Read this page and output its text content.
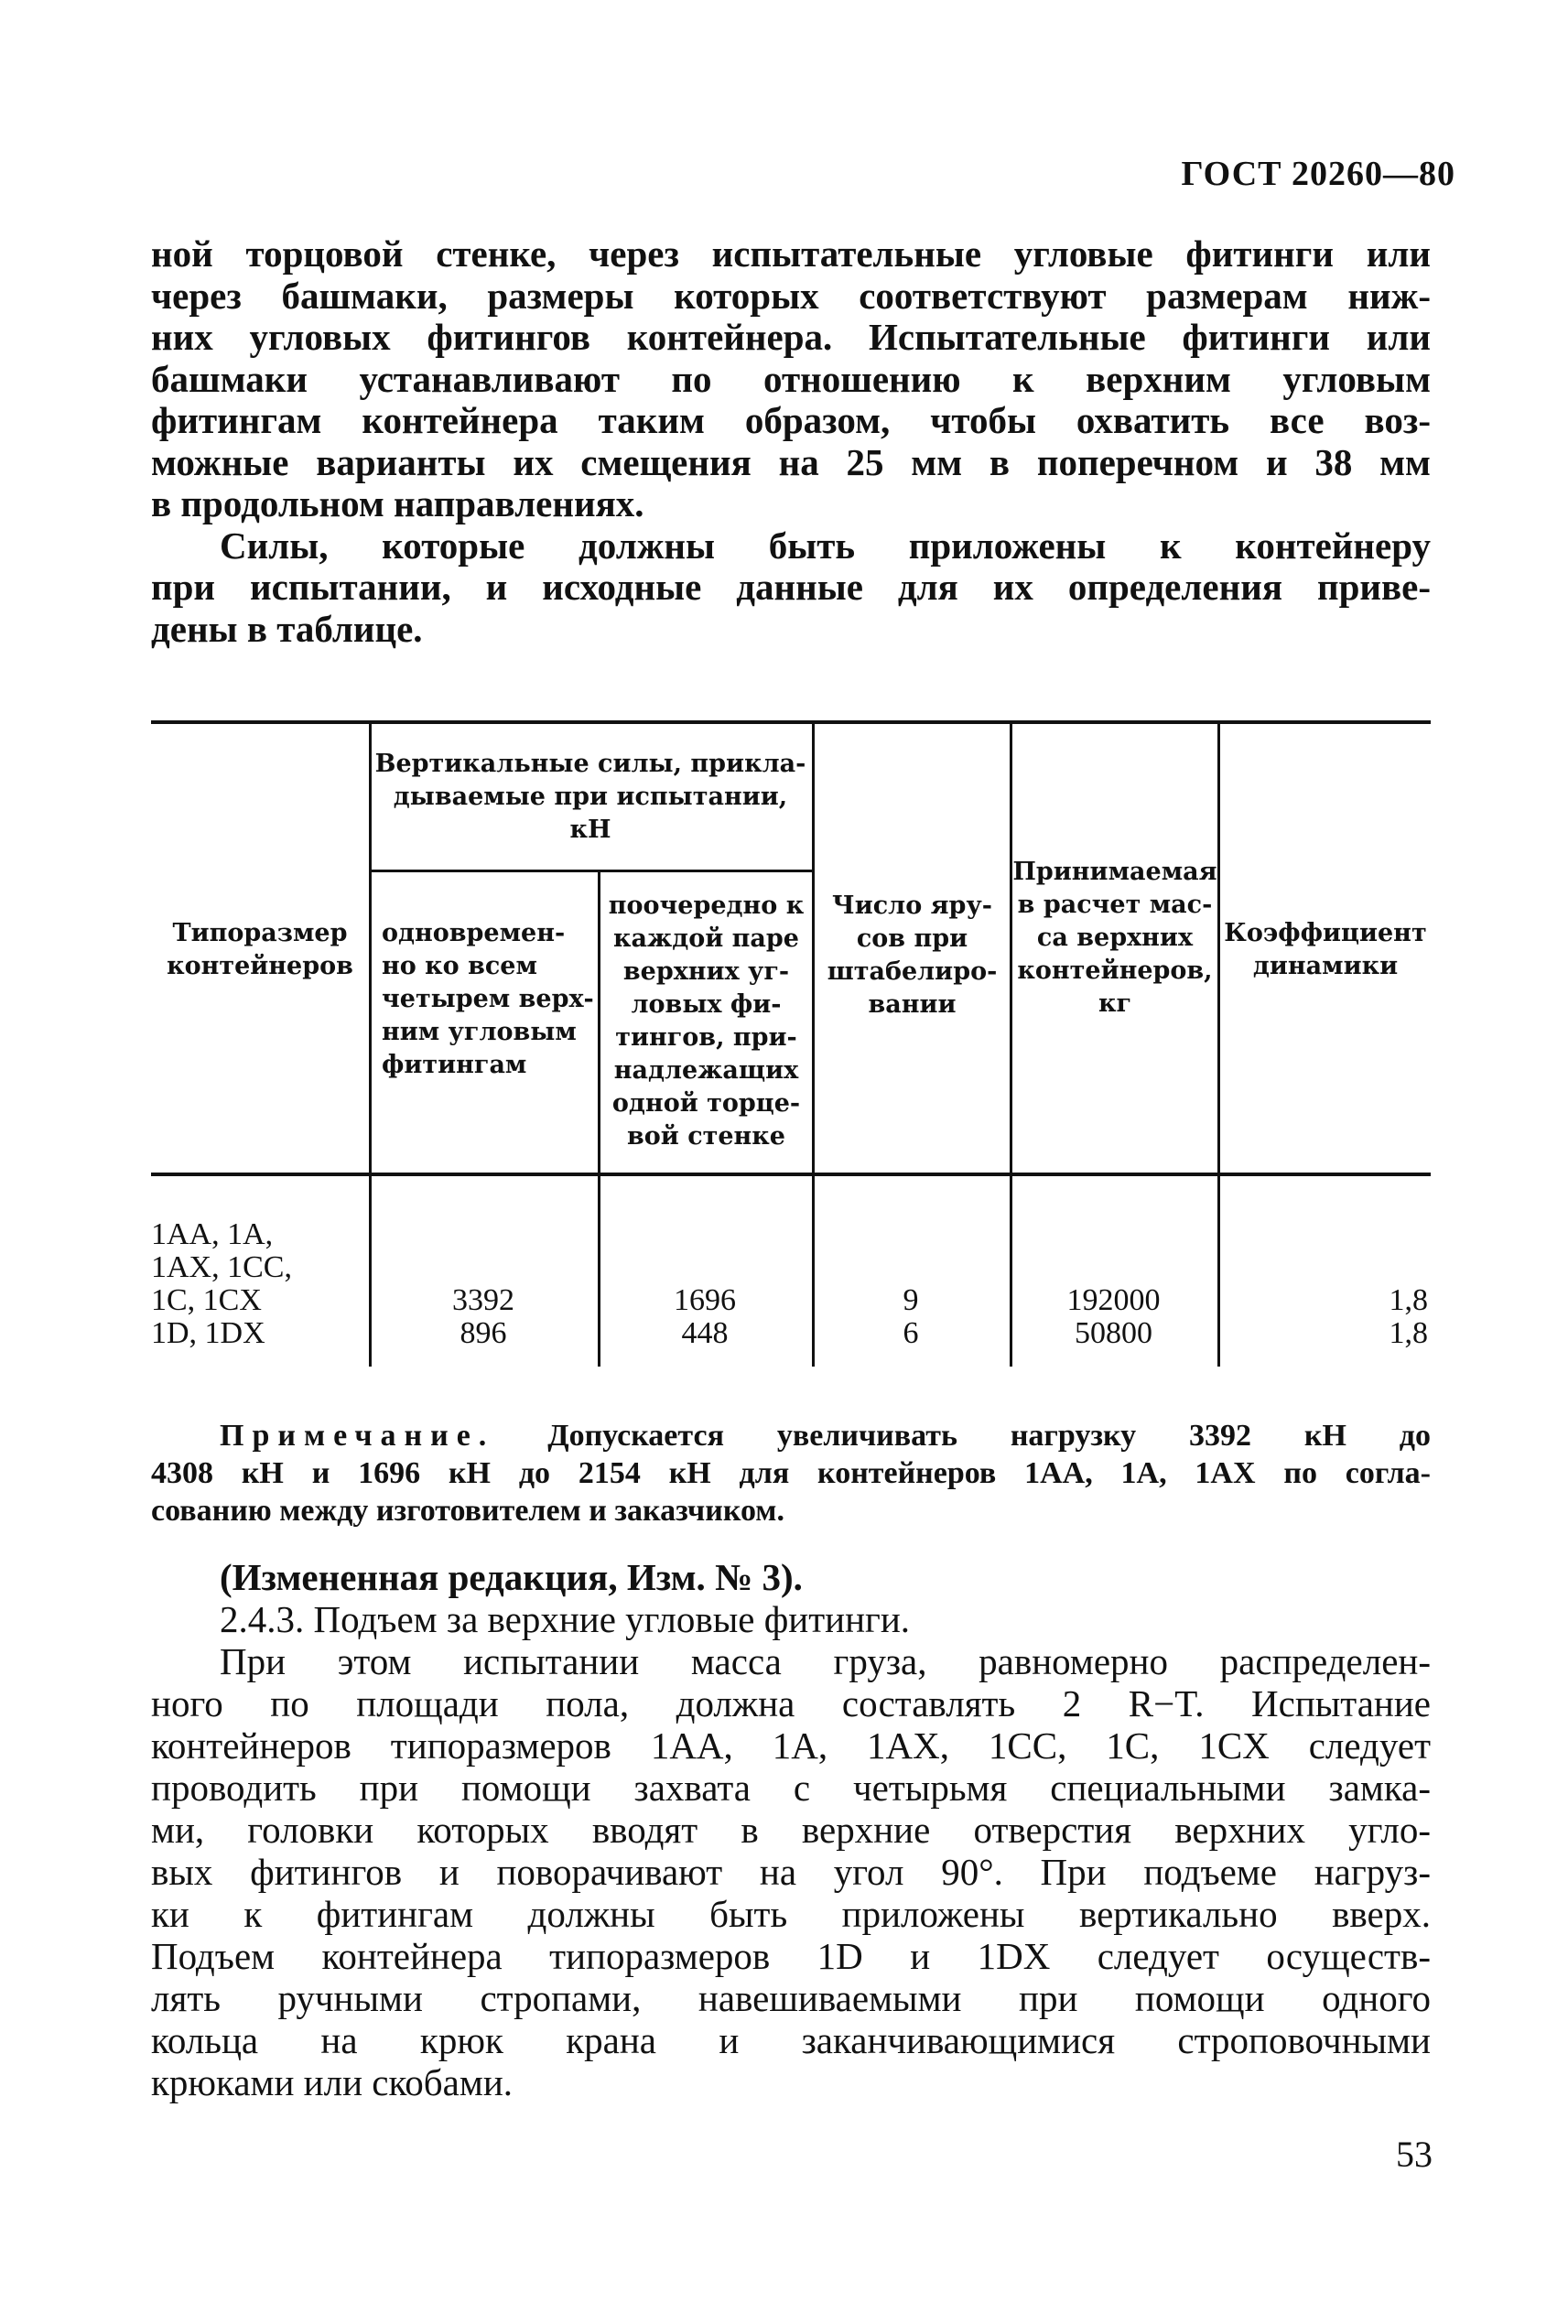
ГОСТ 20260—80

ной торцовой стенке, через испытательные угловые фитинги или

через башмаки, размеры которых соответствуют размерам ниж-

них угловых фитингов контейнера. Испытательные фитинги или

башмаки устанавливают по отношению к верхним угловым

фитингам контейнера таким образом, чтобы охватить все воз-

можные варианты их смещения на 25 мм в поперечном и 38 мм

в продольном направлениях.

Силы, которые должны быть приложены к контейнеру

при испытании, и исходные данные для их определения приве-

дены в таблице.

Типоразмер
контейнеров
Вертикальные силы, прикла-
дываемые при испытании,
кН
одновремен-
но ко всем
четырем верх-
ним угловым
фитингам
поочередно к
каждой паре
верхних уг-
ловых фи-
тингов, при-
надлежащих
одной торце-
вой стенке
Число яру-
сов при
штабелиро-
вании
Принимаемая
в расчет мас-
са верхних
контейнеров,
кг
Коэффициент
динамики
1AA, 1A,
1AX, 1CC,
1C, 1CX
1D, 1DX
3392
896
1696
448
9
6
192000
50800
1,8
1,8

Примечание. Допускается увеличивать нагрузку 3392 кН до

4308 кН и 1696 кН до 2154 кН для контейнеров 1AA, 1A, 1AX по согла-

сованию между изготовителем и заказчиком.

(Измененная редакция, Изм. № 3).

2.4.3. Подъем за верхние угловые фитинги.

При этом испытании масса груза, равномерно распределен-

ного по площади пола, должна составлять 2 R−T. Испытание

контейнеров типоразмеров 1AA, 1A, 1AX, 1CC, 1C, 1CX следует

проводить при помощи захвата с четырьмя специальными замка-

ми, головки которых вводят в верхние отверстия верхних угло-

вых фитингов и поворачивают на угол 90°. При подъеме нагруз-

ки к фитингам должны быть приложены вертикально вверх.

Подъем контейнера типоразмеров 1D и 1DX следует осуществ-

лять ручными стропами, навешиваемыми при помощи одного

кольца на крюк крана и заканчивающимися строповочными

крюками или скобами.

53
